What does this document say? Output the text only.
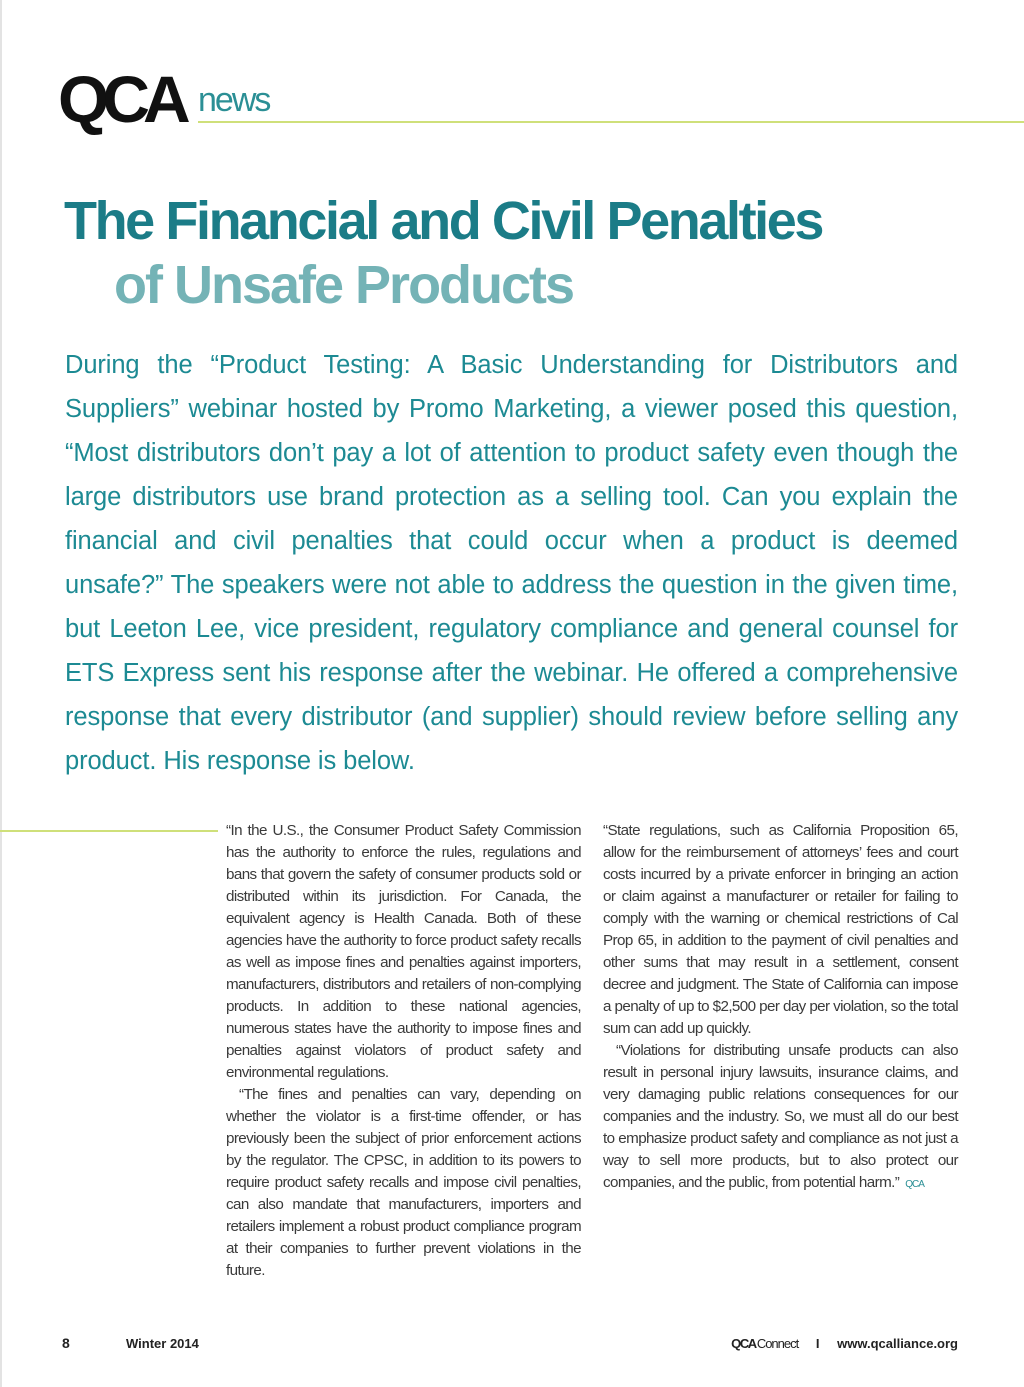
QCA news
The Financial and Civil Penalties
of Unsafe Products

During the “Product Testing: A Basic Understanding for Distributors and Suppliers” webinar hosted by Promo Marketing, a viewer posed this question, “Most distributors don’t pay a lot of attention to product safety even though the large distributors use brand protection as a selling tool. Can you explain the financial and civil penalties that could occur when a product is deemed unsafe?” The speakers were not able to address the question in the given time, but Leeton Lee, vice president, regulatory compliance and general counsel for ETS Express sent his response after the webinar. He offered a comprehensive response that every distributor (and supplier) should review before selling any product. His response is below.

“In the U.S., the Consumer Product Safety Commission has the authority to enforce the rules, regulations and bans that govern the safety of consumer products sold or distributed within its jurisdiction. For Canada, the equivalent agency is Health Canada. Both of these agencies have the authority to force product safety recalls as well as impose fines and penalties against importers, manufacturers, distributors and retailers of non-complying products. In addition to these national agencies, numerous states have the authority to impose fines and penalties against violators of product safety and environmental regulations.

“The fines and penalties can vary, depending on whether the violator is a first-time offender, or has previously been the subject of prior enforcement actions by the regulator. The CPSC, in addition to its powers to require product safety recalls and impose civil penalties, can also mandate that manufacturers, importers and retailers implement a robust product compliance program at their companies to further prevent violations in the future.

“State regulations, such as California Proposition 65, allow for the reimbursement of attorneys’ fees and court costs incurred by a private enforcer in bringing an action or claim against a manufacturer or retailer for failing to comply with the warning or chemical restrictions of Cal Prop 65, in addition to the payment of civil penalties and other sums that may result in a settlement, consent decree and judgment. The State of California can impose a penalty of up to $2,500 per day per violation, so the total sum can add up quickly.

“Violations for distributing unsafe products can also result in personal injury lawsuits, insurance claims, and very damaging public relations consequences for our companies and the industry. So, we must all do our best to emphasize product safety and compliance as not just a way to sell more products, but to also protect our companies, and the public, from potential harm.” QCA

8	Winter 2014	QCAConnect I www.qcalliance.org
